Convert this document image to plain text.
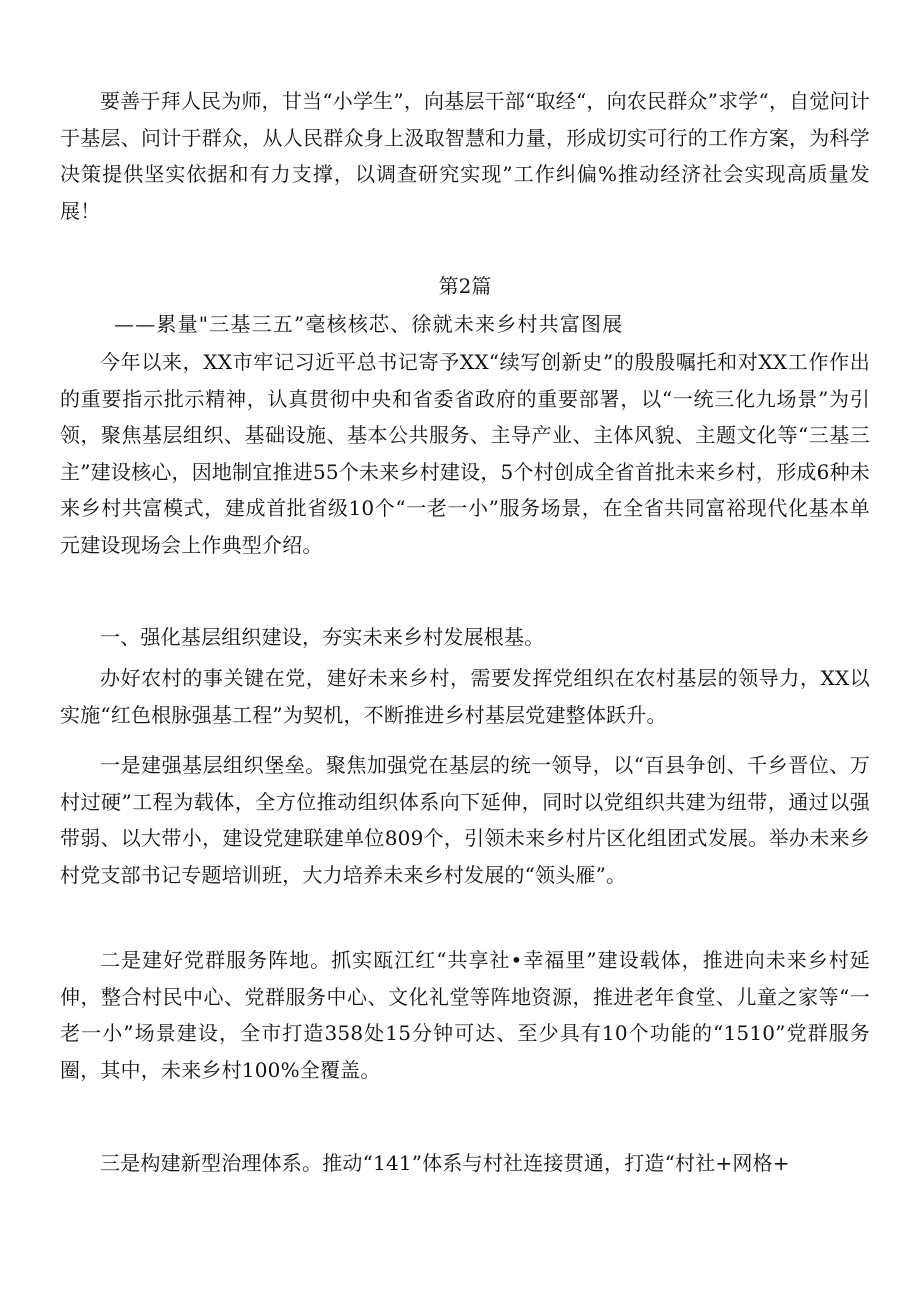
要善于拜人民为师，甘当“小学生”，向基层干部“取经“，向农民群众”求学“，自觉问计于基层、问计于群众，从人民群众身上汲取智慧和力量，形成切实可行的工作方案，为科学决策提供坚实依据和有力支撑，以调查研究实现”工作纠偏%推动经济社会实现高质量发展！

第2篇

——累量"三基三五”毫核核芯、徐就未来乡村共富图展

今年以来，XX市牢记习近平总书记寄予XX“续写创新史”的殷殷嘱托和对XX工作作出的重要指示批示精神，认真贯彻中央和省委省政府的重要部署，以“一统三化九场景”为引领，聚焦基层组织、基础设施、基本公共服务、主导产业、主体风貌、主题文化等“三基三主”建设核心，因地制宜推进55个未来乡村建设，5个村创成全省首批未来乡村，形成6种未来乡村共富模式，建成首批省级10个“一老一小”服务场景，在全省共同富裕现代化基本单元建设现场会上作典型介绍。

一、强化基层组织建设，夯实未来乡村发展根基。

办好农村的事关键在党，建好未来乡村，需要发挥党组织在农村基层的领导力，XX以实施“红色根脉强基工程”为契机，不断推进乡村基层党建整体跃升。

一是建强基层组织堡垒。聚焦加强党在基层的统一领导，以“百县争创、千乡晋位、万村过硬”工程为载体，全方位推动组织体系向下延伸，同时以党组织共建为纽带，通过以强带弱、以大带小，建设党建联建单位809个，引领未来乡村片区化组团式发展。举办未来乡村党支部书记专题培训班，大力培养未来乡村发展的“领头雁”。

二是建好党群服务阵地。抓实瓯江红“共享社•幸福里”建设载体，推进向未来乡村延伸，整合村民中心、党群服务中心、文化礼堂等阵地资源，推进老年食堂、儿童之家等“一老一小”场景建设，全市打造358处15分钟可达、至少具有10个功能的“1510”党群服务圈，其中，未来乡村100%全覆盖。

三是构建新型治理体系。推动“141”体系与村社连接贯通，打造“村社+网格+
